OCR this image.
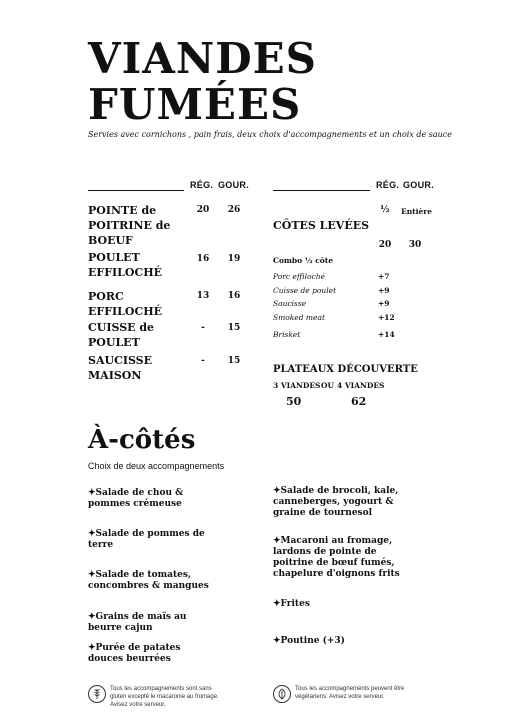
VIANDES
FUMÉES
Servies avec cornichons , pain frais, deux choix d'accompagnements et un choix de sauce
RÉG. GOUR.
POINTE de POITRINE de BOEUF
20	26
POULET EFFILOCHÉ
16	19
PORC EFFILOCHÉ
13	16
CUISSE de POULET
-	15
SAUCISSE MAISON
-	15
RÉG. GOUR.
½	Entière
CÔTES LEVÉES
20	30
Combo ½ côte
Porc effiloché	+7
Cuisse de poulet	+9
Saucisse	+9
Smoked meat	+12
Brisket	+14
PLATEAUX DÉCOUVERTE
3 VIANDES OU 4 VIANDES
50	62
À-côtés
Choix de deux accompagnements
✦Salade de chou & pommes crémeuse
✦Salade de pommes de terre
✦Salade de tomates, concombres & mangues
✦Grains de maïs au beurre cajun
✦Purée de patates douces beurrées
✦Salade de brocoli, kale, canneberges, yogourt & graine de tournesol
✦Macaroni au fromage, lardons de pointe de poitrine de bœuf fumés, chapelure d'oignons frits
✦Frites
✦Poutine (+3)
Tous les accompagnements sont sans gluten excepté le macaronie au fromage. Avisez votre serveur.
Tous les accompagnements peuvent être végétariens. Avisez votre serveur.
